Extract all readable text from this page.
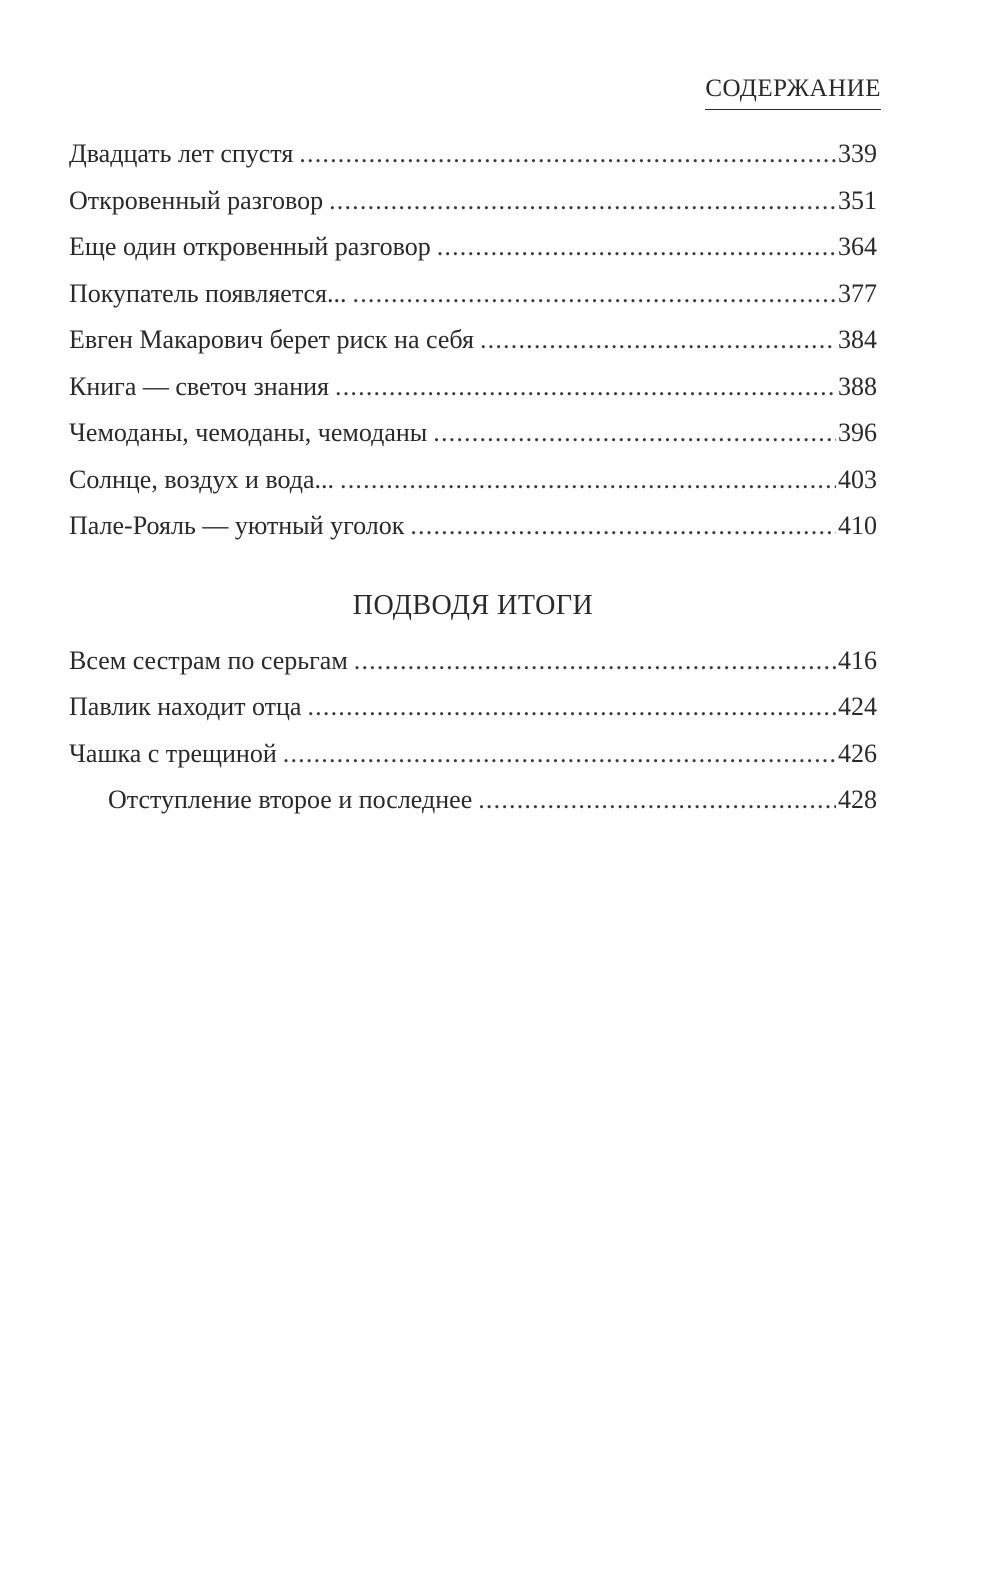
СОДЕРЖАНИЕ
Двадцать лет спустя .....	339
Откровенный разговор .....	351
Еще один откровенный разговор .....	364
Покупатель появляется... .....	377
Евген Макарович берет риск на себя .....	384
Книга — светоч знания .....	388
Чемоданы, чемоданы, чемоданы .....	396
Солнце, воздух и вода... .....	403
Пале-Рояль — уютный уголок .....	410
ПОДВОДЯ ИТОГИ
Всем сестрам по серьгам .....	416
Павлик находит отца .....	424
Чашка с трещиной .....	426
Отступление второе и последнее .....	428
